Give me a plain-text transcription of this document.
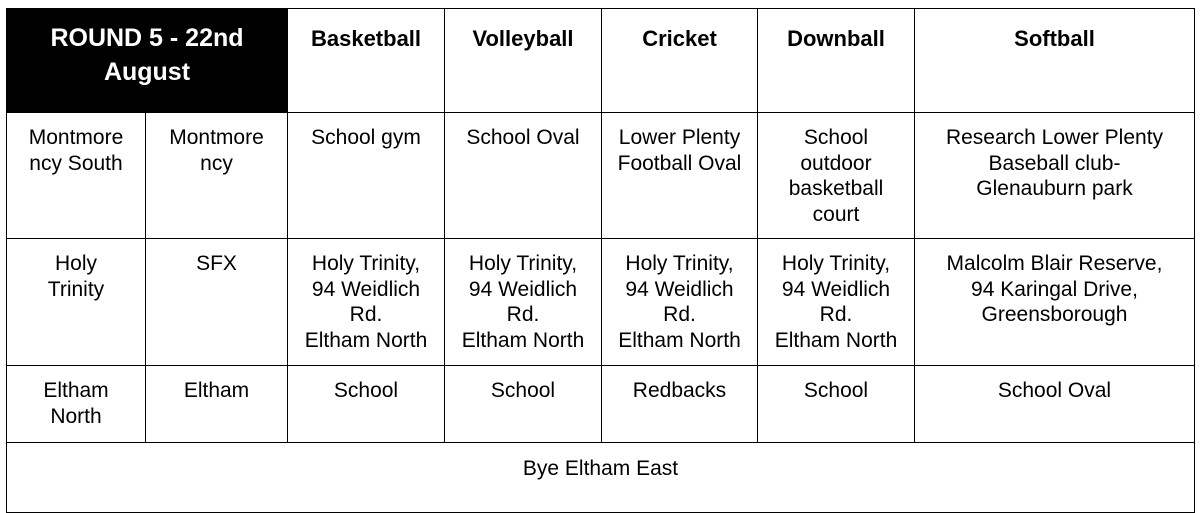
ROUND 5 - 22nd
August		Basketball	Volleyball	Cricket	Downball	Softball
Montmore
ncy South	Montmore
ncy	School gym	School Oval	Lower Plenty
Football Oval	School
outdoor
basketball
court	Research Lower Plenty
Baseball club-
Glenauburn park
Holy
Trinity	SFX	Holy Trinity,
94 Weidlich
Rd.
Eltham North	Holy Trinity,
94 Weidlich
Rd.
Eltham North	Holy Trinity,
94 Weidlich
Rd.
Eltham North	Holy Trinity,
94 Weidlich
Rd.
Eltham North	Malcolm Blair Reserve,
94 Karingal Drive,
Greensborough
Eltham
North	Eltham	School	School	Redbacks	School	School Oval
Bye Eltham East						
